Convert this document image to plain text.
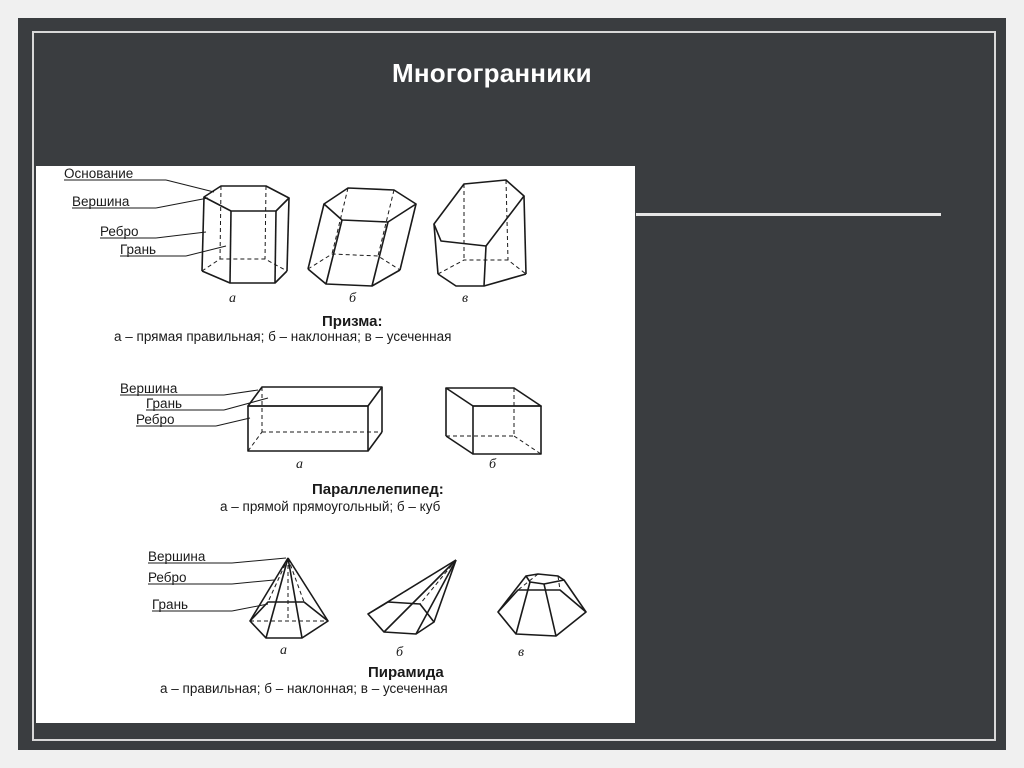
Многогранники
Основание
Вершина
Ребро
Грань
а	б	в
Призма:
а – прямая правильная; б – наклонная; в – усеченная
Вершина
Грань
Ребро
а	б
Параллелепипед:
а – прямой прямоугольный; б – куб
Вершина
Ребро
Грань
а	б	в
Пирамида
а – правильная; б – наклонная; в – усеченная
